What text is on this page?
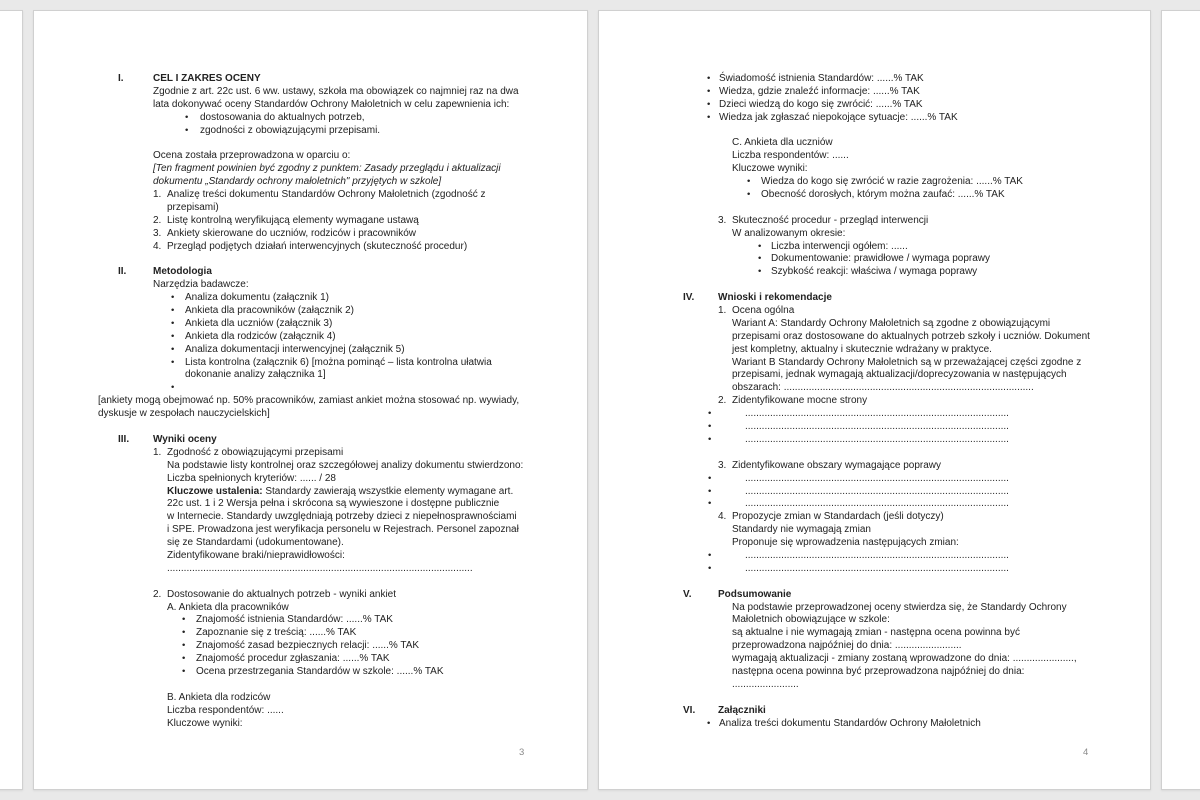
I.	CEL I ZAKRES OCENY
Zgodnie z art. 22c ust. 6 ww. ustawy, szkoła ma obowiązek co najmniej raz na dwa
lata dokonywać oceny Standardów Ochrony Małoletnich w celu zapewnienia ich:
• dostosowania do aktualnych potrzeb,
• zgodności z obowiązującymi przepisami.
Ocena została przeprowadzona w oparciu o:
[Ten fragment powinien być zgodny z punktem: Zasady przeglądu i aktualizacji
dokumentu „Standardy ochrony małoletnich" przyjętych w szkole]
1. Analizę treści dokumentu Standardów Ochrony Małoletnich (zgodność z
przepisami)
2. Listę kontrolną weryfikującą elementy wymagane ustawą
3. Ankiety skierowane do uczniów, rodziców i pracowników
4. Przegląd podjętych działań interwencyjnych (skuteczność procedur)
II.	Metodologia
Narzędzia badawcze:
• Analiza dokumentu (załącznik 1)
• Ankieta dla pracowników (załącznik 2)
• Ankieta dla uczniów (załącznik 3)
• Ankieta dla rodziców (załącznik 4)
• Analiza dokumentacji interwencyjnej (załącznik 5)
• Lista kontrolna (załącznik 6) [można pominąć – lista kontrolna ułatwia
dokonanie analizy załącznika 1]
•
[ankiety mogą obejmować np. 50% pracowników, zamiast ankiet można stosować np. wywiady,
dyskusje w zespołach nauczycielskich]
III. Wyniki oceny
1. Zgodność z obowiązującymi przepisami
Na podstawie listy kontrolnej oraz szczegółowej analizy dokumentu stwierdzono:
Liczba spełnionych kryteriów: ...... / 28
Kluczowe ustalenia: Standardy zawierają wszystkie elementy wymagane art.
22c ust. 1 i 2 Wersja pełna i skrócona są wywieszone i dostępne publicznie
w Internecie. Standardy uwzględniają potrzeby dzieci z niepełnosprawnościami
i SPE. Prowadzona jest weryfikacja personelu w Rejestrach. Personel zapoznał
się ze Standardami (udokumentowane).
Zidentyfikowane braki/nieprawidłowości:
..............................................................................................................
2. Dostosowanie do aktualnych potrzeb - wyniki ankiet
A. Ankieta dla pracowników
• Znajomość istnienia Standardów: ......% TAK
• Zapoznanie się z treścią: ......% TAK
• Znajomość zasad bezpiecznych relacji: ......% TAK
• Znajomość procedur zgłaszania: ......% TAK
• Ocena przestrzegania Standardów w szkole: ......% TAK
B. Ankieta dla rodziców
Liczba respondentów: ......
Kluczowe wyniki:
3
• Świadomość istnienia Standardów: ......% TAK
• Wiedza, gdzie znaleźć informacje: ......% TAK
• Dzieci wiedzą do kogo się zwrócić: ......% TAK
• Wiedza jak zgłaszać niepokojące sytuacje: ......% TAK
C. Ankieta dla uczniów
Liczba respondentów: ......
Kluczowe wyniki:
• Wiedza do kogo się zwrócić w razie zagrożenia: ......% TAK
• Obecność dorosłych, którym można zaufać: ......% TAK
3. Skuteczność procedur - przegląd interwencji
W analizowanym okresie:
• Liczba interwencji ogółem: ......
• Dokumentowanie: prawidłowe / wymaga poprawy
• Szybkość reakcji: właściwa / wymaga poprawy
IV. Wnioski i rekomendacje
1. Ocena ogólna
Wariant A: Standardy Ochrony Małoletnich są zgodne z obowiązującymi
przepisami oraz dostosowane do aktualnych potrzeb szkoły i uczniów. Dokument
jest kompletny, aktualny i skutecznie wdrażany w praktyce.
Wariant B Standardy Ochrony Małoletnich są w przeważającej części zgodne z
przepisami, jednak wymagają aktualizacji/doprecyzowania w następujących
obszarach: ..........................................................................................
2. Zidentyfikowane mocne strony
•	...............................................................................................
•	...............................................................................................
•	...............................................................................................
3. Zidentyfikowane obszary wymagające poprawy
•	...............................................................................................
•	...............................................................................................
•	...............................................................................................
4. Propozycje zmian w Standardach (jeśli dotyczy)
Standardy nie wymagają zmian
Proponuje się wprowadzenia następujących zmian:
•	...............................................................................................
•	...............................................................................................
V.	Podsumowanie
Na podstawie przeprowadzonej oceny stwierdza się, że Standardy Ochrony
Małoletnich obowiązujące w szkole:
są aktualne i nie wymagają zmian - następna ocena powinna być
przeprowadzona najpóźniej do dnia: ........................
wymagają aktualizacji - zmiany zostaną wprowadzone do dnia: ......................,
następna ocena powinna być przeprowadzona najpóźniej do dnia:
........................
VI. Załączniki
• Analiza treści dokumentu Standardów Ochrony Małoletnich
4
